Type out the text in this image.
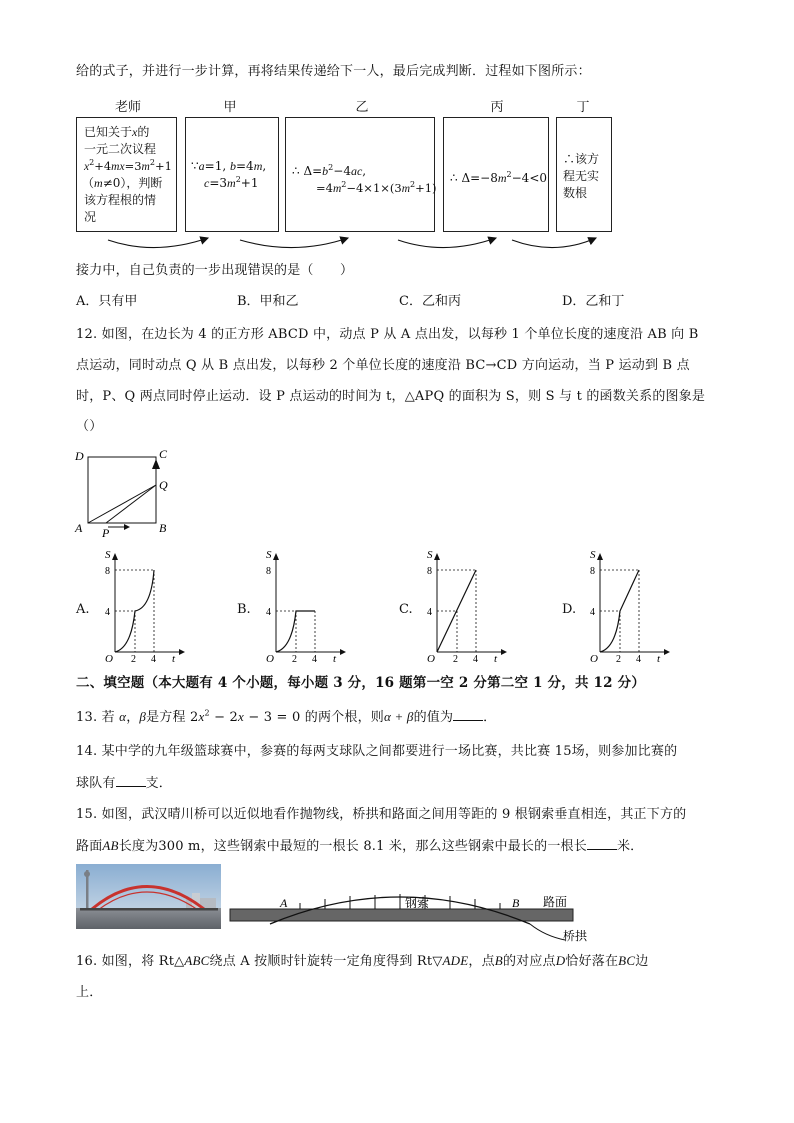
给的式子，并进行一步计算，再将结果传递给下一人，最后完成判断．过程如下图所示：
老师	甲	乙	丙	丁
已知关于x的
一元二次议程
$x^2+4mx=3m^2+1$
（m≠0），判断
该方程根的情
况
∵a=1, b=4m,
$c=3m^2+1$
∴ $\Delta=b^2-4ac$,
$=4m^2-4\times 1\times(3m^2+1)$
∴ $\Delta=-8m^2-4<0$
∴该方
程无实
数根
接力中，自己负责的一步出现错误的是（　　）
A．只有甲	B．甲和乙	C．乙和丙	D．乙和丁
12. 如图，在边长为 4 的正方形 ABCD 中，动点 P 从 A 点出发，以每秒 1 个单位长度的速度沿 AB 向 B
点运动，同时动点 Q 从 B 点出发，以每秒 2 个单位长度的速度沿 BC→CD 方向运动，当 P 运动到 B 点
时，P、Q 两点同时停止运动．设 P 点运动的时间为 t，△APQ 的面积为 S，则 S 与 t 的函数关系的图象是
（）
D	C
Q
A	B
P
A.	B.	C.	D.
S
8
4
O 2 4 t
S
8
4
O 2 4 t
S
8
4
O 2 4 t
S
8
4
O 2 4 t
二、填空题（本大题有 4 个小题，每小题 3 分，16 题第一空 2 分第二空 1 分，共 12 分）
13. 若 α，β是方程 $2x^2 - 2x - 3 = 0$ 的两个根，则α + β的值为 ．
14. 某中学的九年级篮球赛中，参赛的每两支球队之间都要进行一场比赛，共比赛 15场，则参加比赛的
球队有 支．
15. 如图，武汉晴川桥可以近似地看作抛物线，桥拱和路面之间用等距的 9 根钢索垂直相连，其正下方的
路面AB长度为300 m，这些钢索中最短的一根长 8.1 米，那么这些钢索中最长的一根长 米．
A	B
钢索	路面
桥拱
16. 如图，将 Rt△ABC绕点 A 按顺时针旋转一定角度得到 Rt▽ADE，点B的对应点D恰好落在BC边
上．
